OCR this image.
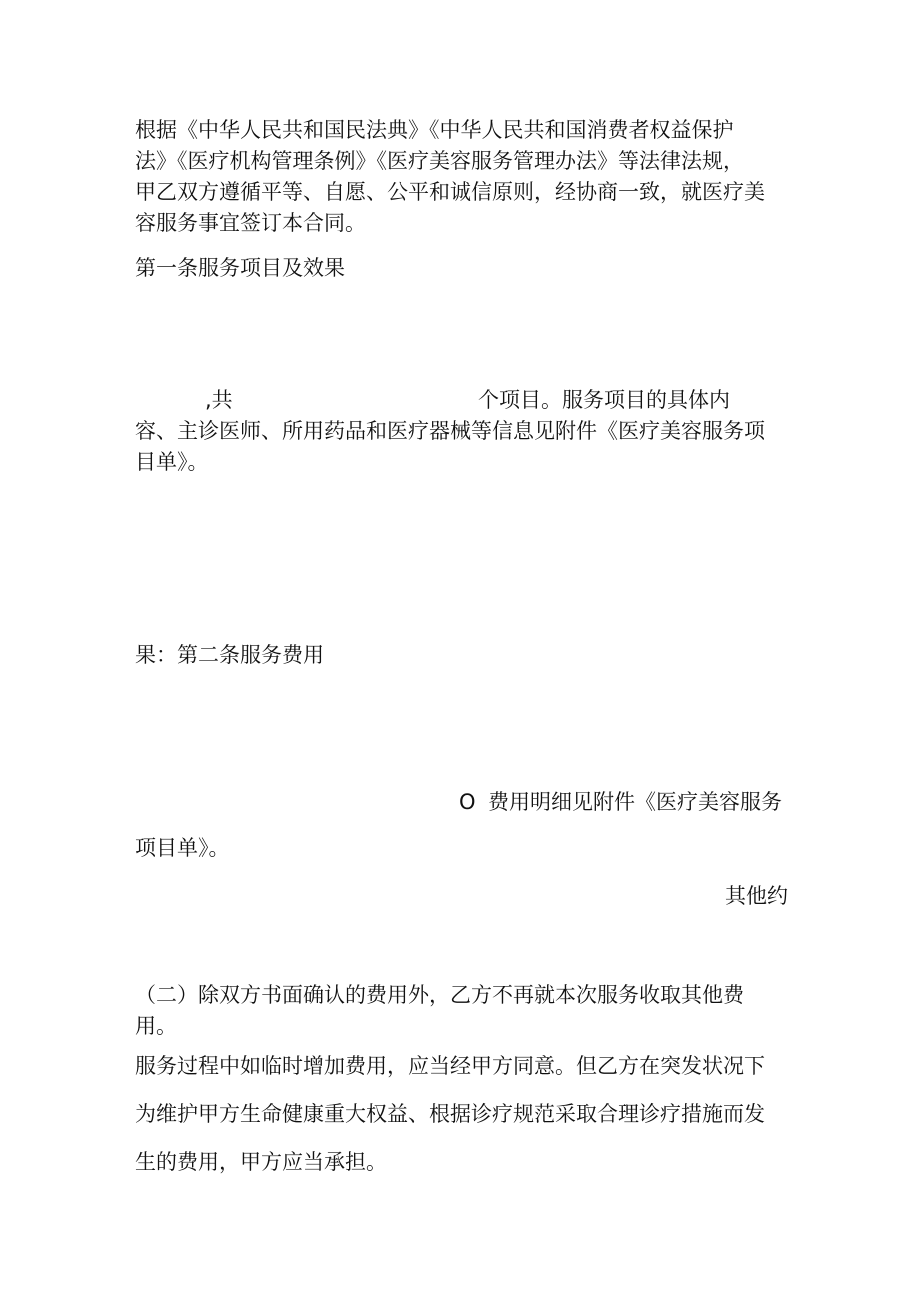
根据《中华人民共和国民法典》《中华人民共和国消费者权益保护
法》《医疗机构管理条例》《医疗美容服务管理办法》等法律法规，
甲乙双方遵循平等、自愿、公平和诚信原则，经协商一致，就医疗美
容服务事宜签订本合同。
第一条服务项目及效果
,共	个项目。服务项目的具体内
容、主诊医师、所用药品和医疗器械等信息见附件《医疗美容服务项
目单》。
果：第二条服务费用
O 费用明细见附件《医疗美容服务
项目单》。
其他约
（二）除双方书面确认的费用外，乙方不再就本次服务收取其他费
用。
服务过程中如临时增加费用，应当经甲方同意。但乙方在突发状况下
为维护甲方生命健康重大权益、根据诊疗规范采取合理诊疗措施而发
生的费用，甲方应当承担。
